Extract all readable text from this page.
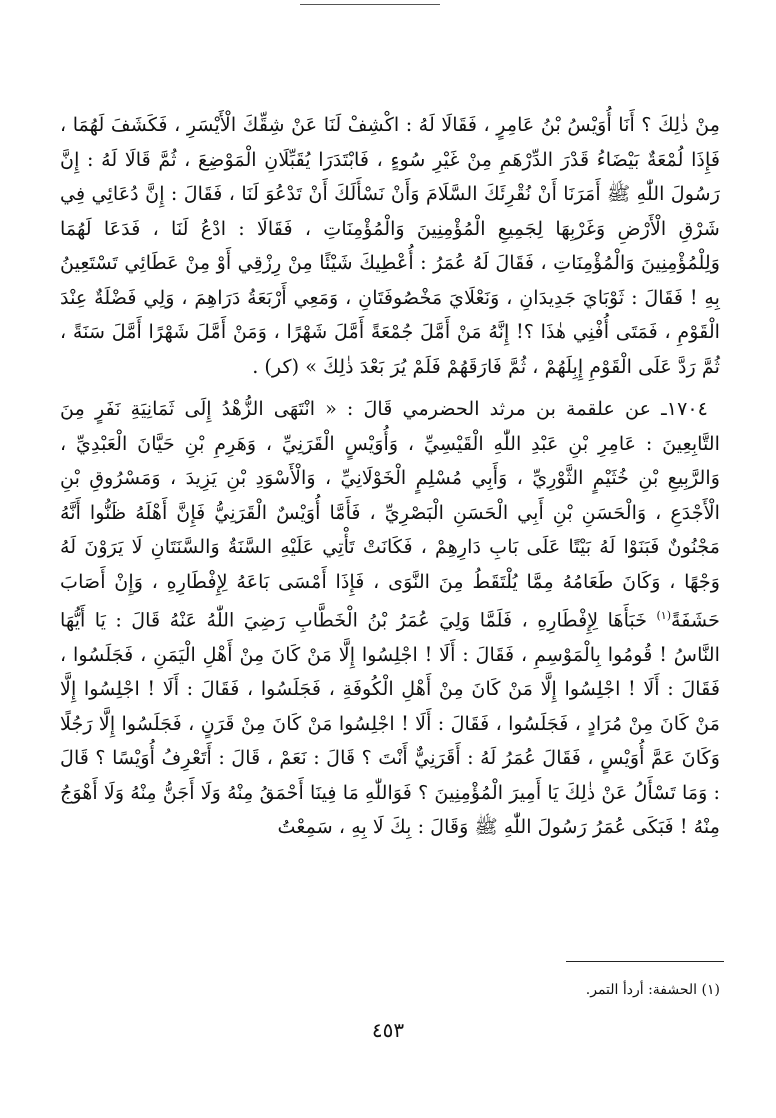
مِنْ ذٰلِكَ ؟ أَنَا أُوَيْسُ بْنُ عَامِرٍ ، فَقَالَا لَهُ : اكْشِفْ لَنَا عَنْ شِقِّكَ الْأَيْسَرِ ، فَكَشَفَ لَهُمَا ، فَإِذَا لُمْعَةٌ بَيْضَاءُ قَدْرَ الدِّرْهَمِ مِنْ غَيْرِ سُوءٍ ، فَابْتَدَرَا يُقَبِّلَانِ الْمَوْضِعَ ، ثُمَّ قَالَا لَهُ : إِنَّ رَسُولَ اللّٰهِ ﷺ أَمَرَنَا أَنْ نُقْرِئَكَ السَّلَامَ وَأَنْ نَسْأَلَكَ أَنْ تَدْعُوَ لَنَا ، فَقَالَ : إِنَّ دُعَائِي فِي شَرْقِ الْأَرْضِ وَغَرْبِهَا لِجَمِيعِ الْمُؤْمِنِينَ وَالْمُؤْمِنَاتِ ، فَقَالَا : ادْعُ لَنَا ، فَدَعَا لَهُمَا وَلِلْمُؤْمِنِينَ وَالْمُؤْمِنَاتِ ، فَقَالَ لَهُ عُمَرُ : أُعْطِيكَ شَيْئًا مِنْ رِزْقِي أَوْ مِنْ عَطَائِي تَسْتَعِينُ بِهِ ! فَقَالَ : ثَوْبَايَ جَدِيدَانِ ، وَنَعْلَايَ مَخْصُوفَتَانِ ، وَمَعِي أَرْبَعَةُ دَرَاهِمَ ، وَلِي فَضْلَةٌ عِنْدَ الْقَوْمِ ، فَمَتَى أُفْنِي هٰذَا ؟! إِنَّهُ مَنْ أَمَّلَ جُمْعَةً أَمَّلَ شَهْرًا ، وَمَنْ أَمَّلَ شَهْرًا أَمَّلَ سَنَةً ، ثُمَّ رَدَّ عَلَى الْقَوْمِ إِبِلَهُمْ ، ثُمَّ فَارَقَهُمْ فَلَمْ يُرَ بَعْدَ ذٰلِكَ » (كر) .

١٧٠٤ـ عن علقمة بن مرثد الحضرمي قَالَ : « انْتَهَى الزُّهْدُ إِلَى ثَمَانِيَةِ نَفَرٍ مِنَ التَّابِعِينَ : عَامِرِ بْنِ عَبْدِ اللّٰهِ الْقَيْسِيِّ ، وَأُوَيْسٍ الْقَرَنِيِّ ، وَهَرِمِ بْنِ حَيَّانَ الْعَبْدِيِّ ، وَالرَّبِيعِ بْنِ خُثَيْمٍ الثَّوْرِيِّ ، وَأَبِي مُسْلِمٍ الْخَوْلَانِيِّ ، وَالْأَسْوَدِ بْنِ يَزِيدَ ، وَمَسْرُوقِ بْنِ الْأَجْدَعِ ، وَالْحَسَنِ بْنِ أَبِي الْحَسَنِ الْبَصْرِيِّ ، فَأَمَّا أُوَيْسٌ الْقَرَنِيُّ فَإِنَّ أَهْلَهُ ظَنُّوا أَنَّهُ مَجْنُونٌ فَبَنَوْا لَهُ بَيْتًا عَلَى بَابِ دَارِهِمْ ، فَكَانَتْ تَأْتِي عَلَيْهِ السَّنَةُ وَالسَّنَتَانِ لَا يَرَوْنَ لَهُ وَجْهًا ، وَكَانَ طَعَامُهُ مِمَّا يُلْتَقَطُ مِنَ النَّوَى ، فَإِذَا أَمْسَى بَاعَهُ لِإِفْطَارِهِ ، وَإِنْ أَصَابَ حَشَفَةً$^{(١)}$ خَبَأَهَا لِإِفْطَارِهِ ، فَلَمَّا وَلِيَ عُمَرُ بْنُ الْخَطَّابِ رَضِيَ اللّٰهُ عَنْهُ قَالَ : يَا أَيُّهَا النَّاسُ ! قُومُوا بِالْمَوْسِمِ ، فَقَالَ : أَلَا ! اجْلِسُوا إِلَّا مَنْ كَانَ مِنْ أَهْلِ الْيَمَنِ ، فَجَلَسُوا ، فَقَالَ : أَلَا ! اجْلِسُوا إِلَّا مَنْ كَانَ مِنْ أَهْلِ الْكُوفَةِ ، فَجَلَسُوا ، فَقَالَ : أَلَا ! اجْلِسُوا إِلَّا مَنْ كَانَ مِنْ مُرَادٍ ، فَجَلَسُوا ، فَقَالَ : أَلَا ! اجْلِسُوا مَنْ كَانَ مِنْ قَرَنٍ ، فَجَلَسُوا إِلَّا رَجُلًا وَكَانَ عَمَّ أُوَيْسٍ ، فَقَالَ عُمَرُ لَهُ : أَقَرَنِيٌّ أَنْتَ ؟ قَالَ : نَعَمْ ، قَالَ : أَتَعْرِفُ أُوَيْسًا ؟ قَالَ : وَمَا تَسْأَلُ عَنْ ذٰلِكَ يَا أَمِيرَ الْمُؤْمِنِينَ ؟ فَوَاللّٰهِ مَا فِينَا أَحْمَقُ مِنْهُ وَلَا أَجَنُّ مِنْهُ وَلَا أَهْوَجُ مِنْهُ ! فَبَكَى عُمَرُ رَسُولَ اللّٰهِ ﷺ وَقَالَ : بِكَ لَا بِهِ ، سَمِعْتُ

(١) الحشفة: أردأ التمر.
٤٥٣
